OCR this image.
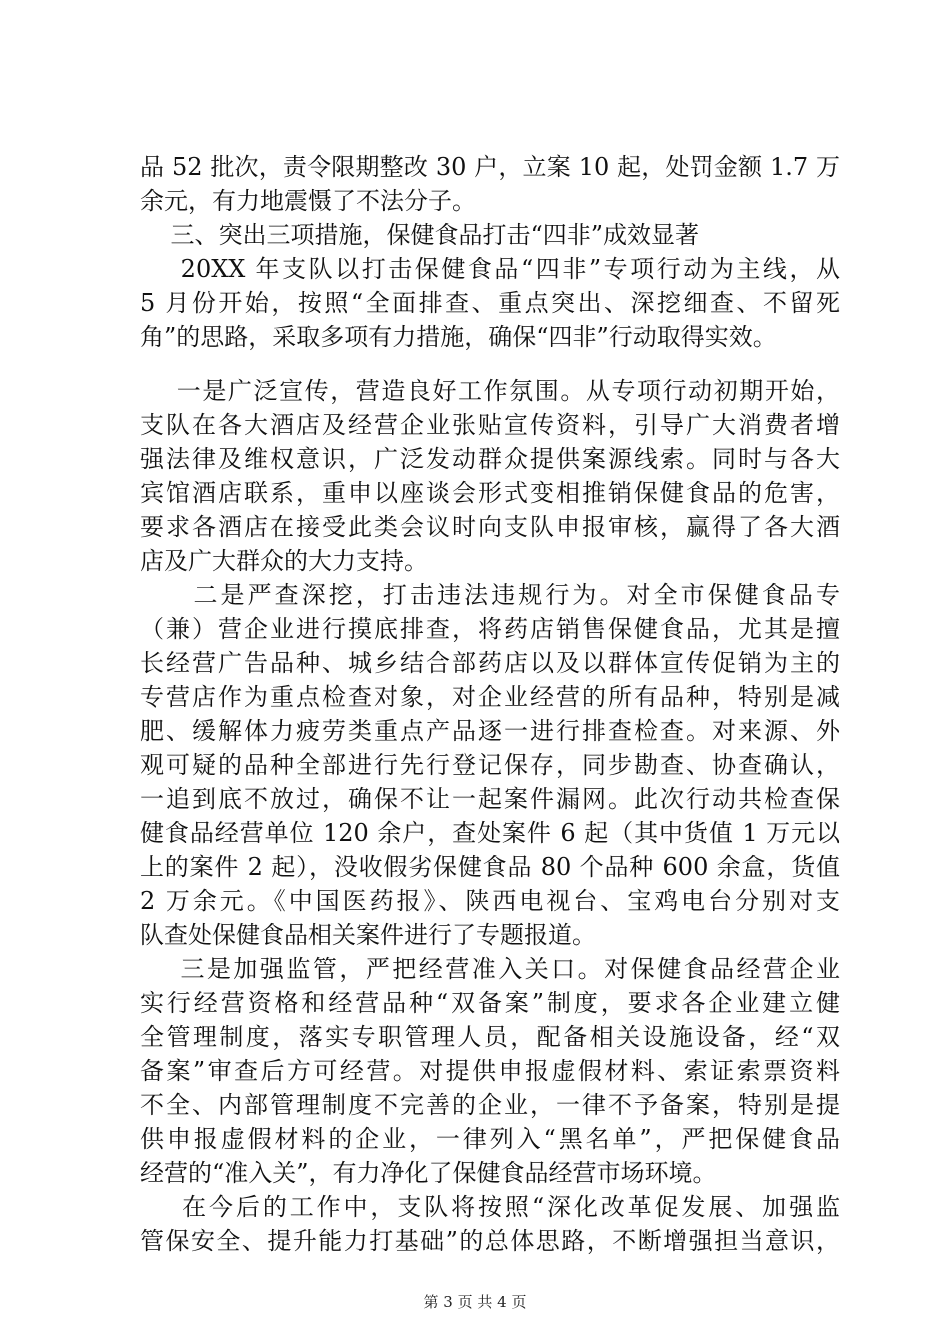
品 52 批次，责令限期整改 30 户，立案 10 起，处罚金额 1.7 万
余元，有力地震慑了不法分子。
三、突出三项措施，保健食品打击“四非”成效显著
20XX 年支队以打击保健食品“四非”专项行动为主线，从
5 月份开始，按照“全面排查、重点突出、深挖细查、不留死
角”的思路，采取多项有力措施，确保“四非”行动取得实效。
一是广泛宣传，营造良好工作氛围。从专项行动初期开始，
支队在各大酒店及经营企业张贴宣传资料，引导广大消费者增
强法律及维权意识，广泛发动群众提供案源线索。同时与各大
宾馆酒店联系，重申以座谈会形式变相推销保健食品的危害，
要求各酒店在接受此类会议时向支队申报审核，赢得了各大酒
店及广大群众的大力支持。
二是严查深挖，打击违法违规行为。对全市保健食品专
（兼）营企业进行摸底排查，将药店销售保健食品，尤其是擅
长经营广告品种、城乡结合部药店以及以群体宣传促销为主的
专营店作为重点检查对象，对企业经营的所有品种，特别是减
肥、缓解体力疲劳类重点产品逐一进行排查检查。对来源、外
观可疑的品种全部进行先行登记保存，同步勘查、协查确认，
一追到底不放过，确保不让一起案件漏网。此次行动共检查保
健食品经营单位 120 余户，查处案件 6 起（其中货值 1 万元以
上的案件 2 起），没收假劣保健食品 80 个品种 600 余盒，货值
2 万余元。《中国医药报》、陕西电视台、宝鸡电台分别对支
队查处保健食品相关案件进行了专题报道。
三是加强监管，严把经营准入关口。对保健食品经营企业
实行经营资格和经营品种“双备案”制度，要求各企业建立健
全管理制度，落实专职管理人员，配备相关设施设备，经“双
备案”审查后方可经营。对提供申报虚假材料、索证索票资料
不全、内部管理制度不完善的企业，一律不予备案，特别是提
供申报虚假材料的企业，一律列入“黑名单”，严把保健食品
经营的“准入关”，有力净化了保健食品经营市场环境。
在今后的工作中，支队将按照“深化改革促发展、加强监
管保安全、提升能力打基础”的总体思路，不断增强担当意识，
第 3 页 共 4 页
